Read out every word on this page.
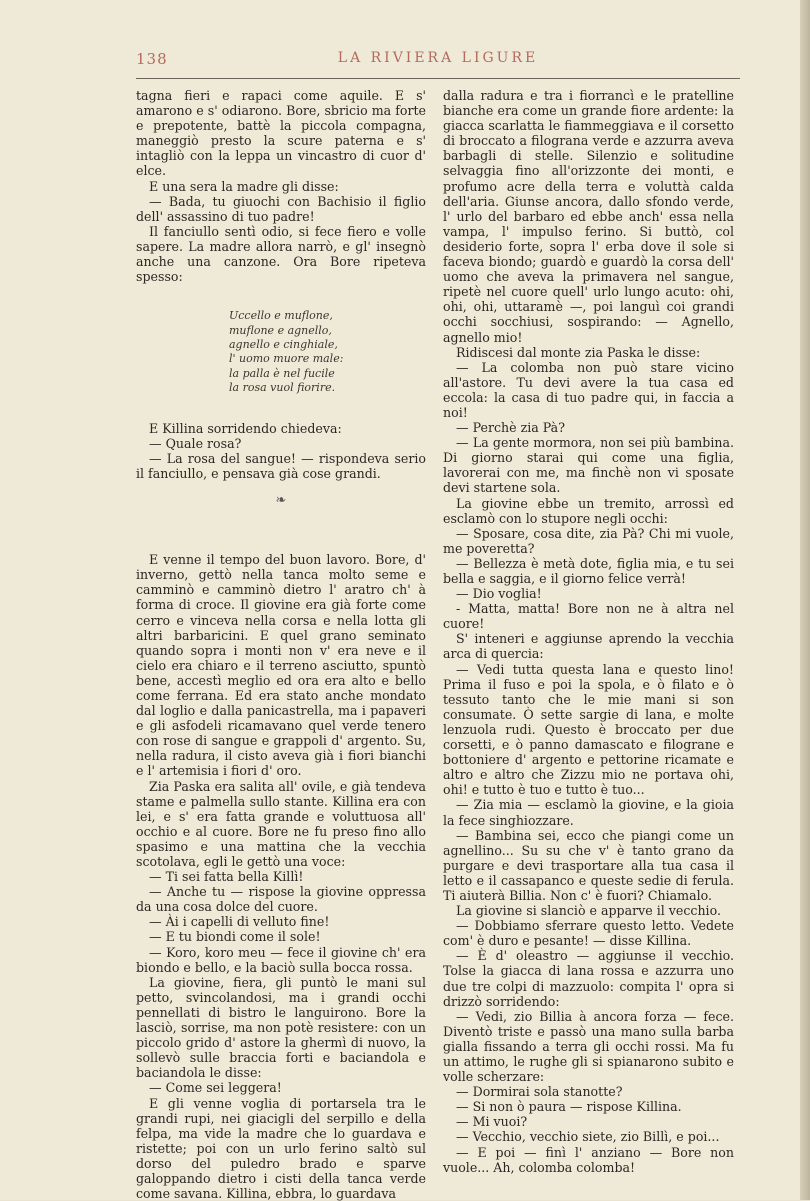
138	LA RIVIERA LIGURE

tagna fieri e rapaci come aquile. E s' amarono e s' odiarono. Bore, sbricio ma forte e prepotente, battè la piccola compagna, maneggiò presto la scure paterna e s' intagliò con la leppa un vincastro di cuor d' elce.

E una sera la madre gli disse:

— Bada, tu giuochi con Bachisio il figlio dell' assassino di tuo padre!

Il fanciullo sentì odio, si fece fiero e volle sapere. La madre allora narrò, e gl' insegnò anche una canzone. Ora Bore ripeteva spesso:

Uccello e muflone,
muflone e agnello,
agnello e cinghiale,
l' uomo muore male:
la palla è nel fucile
la rosa vuol fiorire.

E Killina sorridendo chiedeva:

— Quale rosa?

— La rosa del sangue! — rispondeva serio il fanciullo, e pensava già cose grandi.

❧

E venne il tempo del buon lavoro. Bore, d' inverno, gettò nella tanca molto seme e camminò e camminò dietro l' aratro ch' à forma di croce. Il giovine era già forte come cerro e vinceva nella corsa e nella lotta gli altri barbaricini. E quel grano seminato quando sopra i monti non v' era neve e il cielo era chiaro e il terreno asciutto, spuntò bene, accestì meglio ed ora era alto e bello come ferrana. Ed era stato anche mondato dal loglio e dalla panicastrella, ma i papaveri e gli asfodeli ricamavano quel verde tenero con rose di sangue e grappoli d' argento. Su, nella radura, il cisto aveva già i fiori bianchi e l' artemisia i fiori d' oro.

Zia Paska era salita all' ovile, e già tendeva stame e palmella sullo stante. Killina era con lei, e s' era fatta grande e voluttuosa all' occhio e al cuore. Bore ne fu preso fino allo spasimo e una mattina che la vecchia scotolava, egli le gettò una voce:

— Ti sei fatta bella Killì!

— Anche tu — rispose la giovine oppressa da una cosa dolce del cuore.

— Ài i capelli di velluto fine!

— E tu biondi come il sole!

— Koro, koro meu — fece il giovine ch' era biondo e bello, e la baciò sulla bocca rossa.

La giovine, fiera, gli puntò le mani sul petto, svincolandosi, ma i grandi occhi pennellati di bistro le languirono. Bore la lasciò, sorrise, ma non potè resistere: con un piccolo grido d' astore la ghermì di nuovo, la sollevò sulle braccia forti e baciandola e baciandola le disse:

— Come sei leggera!

E gli venne voglia di portarsela tra le grandi rupi, nei giacigli del serpillo e della felpa, ma vide la madre che lo guardava e ristette; poi con un urlo ferino saltò sul dorso del puledro brado e sparve galoppando dietro i cisti della tanca verde come savana. Killina, ebbra, lo guardava

dalla radura e tra i fiorrancì e le pratelline bianche era come un grande fiore ardente: la giacca scarlatta le fiammeggiava e il corsetto di broccato a filograna verde e azzurra aveva barbagli di stelle. Silenzio e solitudine selvaggia fino all'orizzonte dei monti, e profumo acre della terra e voluttà calda dell'aria. Giunse ancora, dallo sfondo verde, l' urlo del barbaro ed ebbe anch' essa nella vampa, l' impulso ferino. Si buttò, col desiderio forte, sopra l' erba dove il sole si faceva biondo; guardò e guardò la corsa dell' uomo che aveva la primavera nel sangue, ripetè nel cuore quell' urlo lungo acuto: ohi, ohi, ohi, uttaramè —, poi languì coi grandi occhi socchiusi, sospirando: — Agnello, agnello mio!

Ridiscesi dal monte zia Paska le disse:

— La colomba non può stare vicino all'astore. Tu devi avere la tua casa ed eccola: la casa di tuo padre qui, in faccia a noi!

— Perchè zia Pà?

— La gente mormora, non sei più bambina. Di giorno starai qui come una figlia, lavorerai con me, ma finchè non vi sposate devi startene sola.

La giovine ebbe un tremito, arrossì ed esclamò con lo stupore negli occhi:

— Sposare, cosa dite, zia Pà? Chi mi vuole, me poveretta?

— Bellezza è metà dote, figlia mia, e tu sei bella e saggia, e il giorno felice verrà!

— Dio voglia!

- Matta, matta! Bore non ne à altra nel cuore!

S' inteneri e aggiunse aprendo la vecchia arca di quercia:

— Vedi tutta questa lana e questo lino! Prima il fuso e poi la spola, e ò filato e ò tessuto tanto che le mie mani si son consumate. Ò sette sargie di lana, e molte lenzuola rudi. Questo è broccato per due corsetti, e ò panno damascato e filograne e bottoniere d' argento e pettorine ricamate e altro e altro che Zizzu mio ne portava ohi, ohi! e tutto è tuo e tutto è tuo...

— Zia mia — esclamò la giovine, e la gioia la fece singhiozzare.

— Bambina sei, ecco che piangi come un agnellino... Su su che v' è tanto grano da purgare e devi trasportare alla tua casa il letto e il cassapanco e queste sedie di ferula. Ti aiuterà Billia. Non c' è fuori? Chiamalo.

La giovine si slanciò e apparve il vecchio.

— Dobbiamo sferrare questo letto. Vedete com' è duro e pesante! — disse Killina.

— È d' oleastro — aggiunse il vecchio. Tolse la giacca di lana rossa e azzurra uno due tre colpi di mazzuolo: compita l' opra si drizzò sorridendo:

— Vedi, zio Billia à ancora forza — fece. Diventò triste e passò una mano sulla barba gialla fissando a terra gli occhi rossi. Ma fu un attimo, le rughe gli si spianarono subito e volle scherzare:

— Dormirai sola stanotte?

— Si non ò paura — rispose Killina.

— Mi vuoi?

— Vecchio, vecchio siete, zio Billì, e poi...

— E poi — finì l' anziano — Bore non vuole... Ah, colomba colomba!
